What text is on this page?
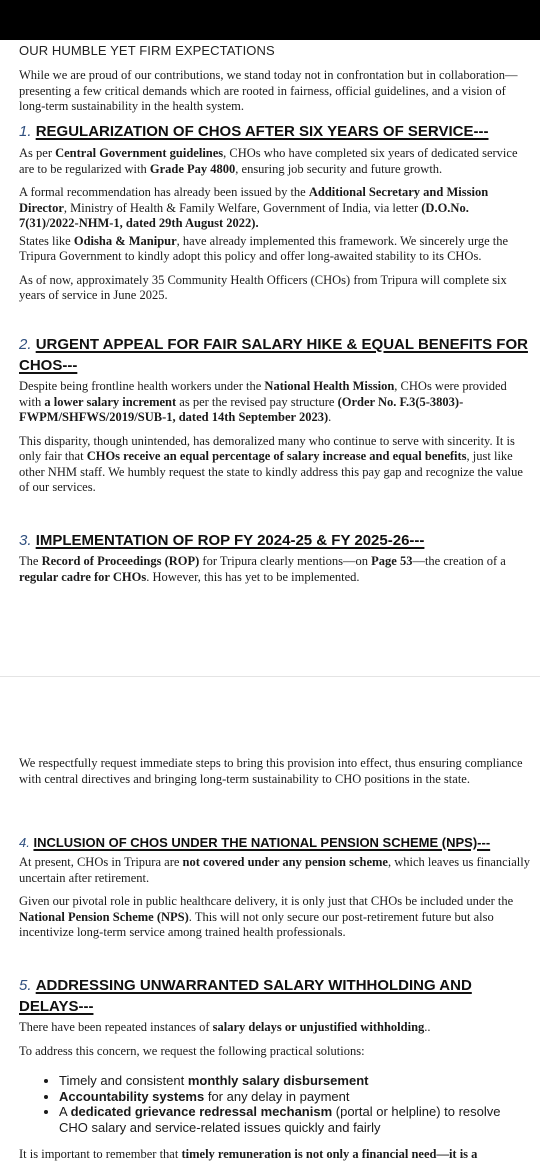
OUR HUMBLE YET FIRM EXPECTATIONS

While we are proud of our contributions, we stand today not in confrontation but in collaboration—presenting a few critical demands which are rooted in fairness, official guidelines, and a vision of long-term sustainability in the health system.

1. REGULARIZATION OF CHOS AFTER SIX YEARS OF SERVICE---

As per Central Government guidelines, CHOs who have completed six years of dedicated service are to be regularized with Grade Pay 4800, ensuring job security and future growth.

A formal recommendation has already been issued by the Additional Secretary and Mission Director, Ministry of Health & Family Welfare, Government of India, via letter (D.O.No. 7(31)/2022-NHM-1, dated 29th August 2022).

States like Odisha & Manipur, have already implemented this framework. We sincerely urge the Tripura Government to kindly adopt this policy and offer long-awaited stability to its CHOs.

As of now, approximately 35 Community Health Officers (CHOs) from Tripura will complete six years of service in June 2025.

2. URGENT APPEAL FOR FAIR SALARY HIKE & EQUAL BENEFITS FOR CHOS---

Despite being frontline health workers under the National Health Mission, CHOs were provided with a lower salary increment as per the revised pay structure (Order No. F.3(5-3803)-FWPM/SHFWS/2019/SUB-1, dated 14th September 2023).

This disparity, though unintended, has demoralized many who continue to serve with sincerity. It is only fair that CHOs receive an equal percentage of salary increase and equal benefits, just like other NHM staff. We humbly request the state to kindly address this pay gap and recognize the value of our services.

3. IMPLEMENTATION OF ROP FY 2024-25 & FY 2025-26---

The Record of Proceedings (ROP) for Tripura clearly mentions—on Page 53—the creation of a regular cadre for CHOs. However, this has yet to be implemented.

We respectfully request immediate steps to bring this provision into effect, thus ensuring compliance with central directives and bringing long-term sustainability to CHO positions in the state.

4. INCLUSION OF CHOS UNDER THE NATIONAL PENSION SCHEME (NPS)---

At present, CHOs in Tripura are not covered under any pension scheme, which leaves us financially uncertain after retirement.

Given our pivotal role in public healthcare delivery, it is only just that CHOs be included under the National Pension Scheme (NPS). This will not only secure our post-retirement future but also incentivize long-term service among trained health professionals.

5. ADDRESSING UNWARRANTED SALARY WITHHOLDING AND DELAYS---

There have been repeated instances of salary delays or unjustified withholding..

To address this concern, we request the following practical solutions:

• Timely and consistent monthly salary disbursement
• Accountability systems for any delay in payment
• A dedicated grievance redressal mechanism (portal or helpline) to resolve CHO salary and service-related issues quickly and fairly

It is important to remember that timely remuneration is not only a financial need—it is a
